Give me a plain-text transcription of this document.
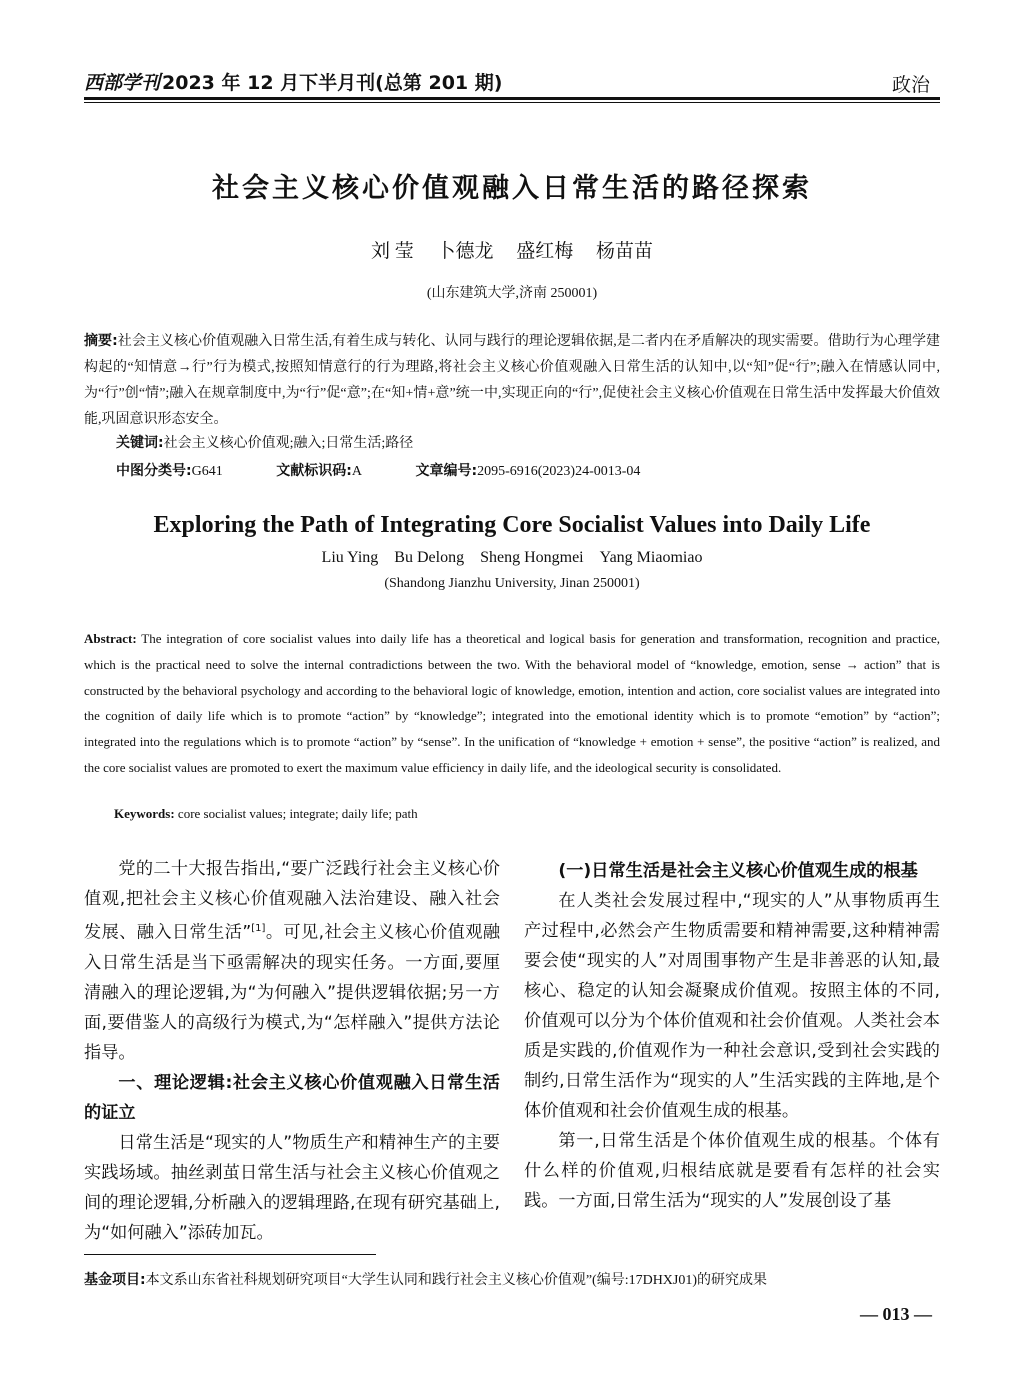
西部学刊 2023 年 12 月下半月刊(总第 201 期)	政治
社会主义核心价值观融入日常生活的路径探索
刘 莹 卜德龙 盛红梅 杨苗苗
(山东建筑大学,济南 250001)
摘要:社会主义核心价值观融入日常生活,有着生成与转化、认同与践行的理论逻辑依据,是二者内在矛盾解决的现实需要。借助行为心理学建构起的“知情意→行”行为模式,按照知情意行的行为理路,将社会主义核心价值观融入日常生活的认知中,以“知”促“行”;融入在情感认同中,为“行”创“情”;融入在规章制度中,为“行”促“意”;在“知+情+意”统一中,实现正向的“行”,促使社会主义核心价值观在日常生活中发挥最大价值效能,巩固意识形态安全。
关键词:社会主义核心价值观;融入;日常生活;路径
中图分类号:G641	文献标识码:A	文章编号:2095-6916(2023)24-0013-04
Exploring the Path of Integrating Core Socialist Values into Daily Life
Liu Ying Bu Delong Sheng Hongmei Yang Miaomiao
(Shandong Jianzhu University, Jinan 250001)
Abstract: The integration of core socialist values into daily life has a theoretical and logical basis for generation and transformation, recognition and practice, which is the practical need to solve the internal contradictions between the two. With the behavioral model of “knowledge, emotion, sense → action” that is constructed by the behavioral psychology and according to the behavioral logic of knowledge, emotion, intention and action, core socialist values are integrated into the cognition of daily life which is to promote “action” by “knowledge”; integrated into the emotional identity which is to promote “emotion” by “action”; integrated into the regulations which is to promote “action” by “sense”. In the unification of “knowledge + emotion + sense”, the positive “action” is realized, and the core socialist values are promoted to exert the maximum value efficiency in daily life, and the ideological security is consolidated.
Keywords: core socialist values; integrate; daily life; path

党的二十大报告指出,“要广泛践行社会主义核心价值观,把社会主义核心价值观融入法治建设、融入社会发展、融入日常生活”[1]。可见,社会主义核心价值观融入日常生活是当下亟需解决的现实任务。一方面,要厘清融入的理论逻辑,为“为何融入”提供逻辑依据;另一方面,要借鉴人的高级行为模式,为“怎样融入”提供方法论指导。

一、理论逻辑:社会主义核心价值观融入日常生活的证立

日常生活是“现实的人”物质生产和精神生产的主要实践场域。抽丝剥茧日常生活与社会主义核心价值观之间的理论逻辑,分析融入的逻辑理路,在现有研究基础上,为“如何融入”添砖加瓦。

(一)日常生活是社会主义核心价值观生成的根基

在人类社会发展过程中,“现实的人”从事物质再生产过程中,必然会产生物质需要和精神需要,这种精神需要会使“现实的人”对周围事物产生是非善恶的认知,最核心、稳定的认知会凝聚成价值观。按照主体的不同,价值观可以分为个体价值观和社会价值观。人类社会本质是实践的,价值观作为一种社会意识,受到社会实践的制约,日常生活作为“现实的人”生活实践的主阵地,是个体价值观和社会价值观生成的根基。

第一,日常生活是个体价值观生成的根基。个体有什么样的价值观,归根结底就是要看有怎样的社会实践。一方面,日常生活为“现实的人”发展创设了基

基金项目:本文系山东省社科规划研究项目“大学生认同和践行社会主义核心价值观”(编号:17DHXJ01)的研究成果
— 013 —
